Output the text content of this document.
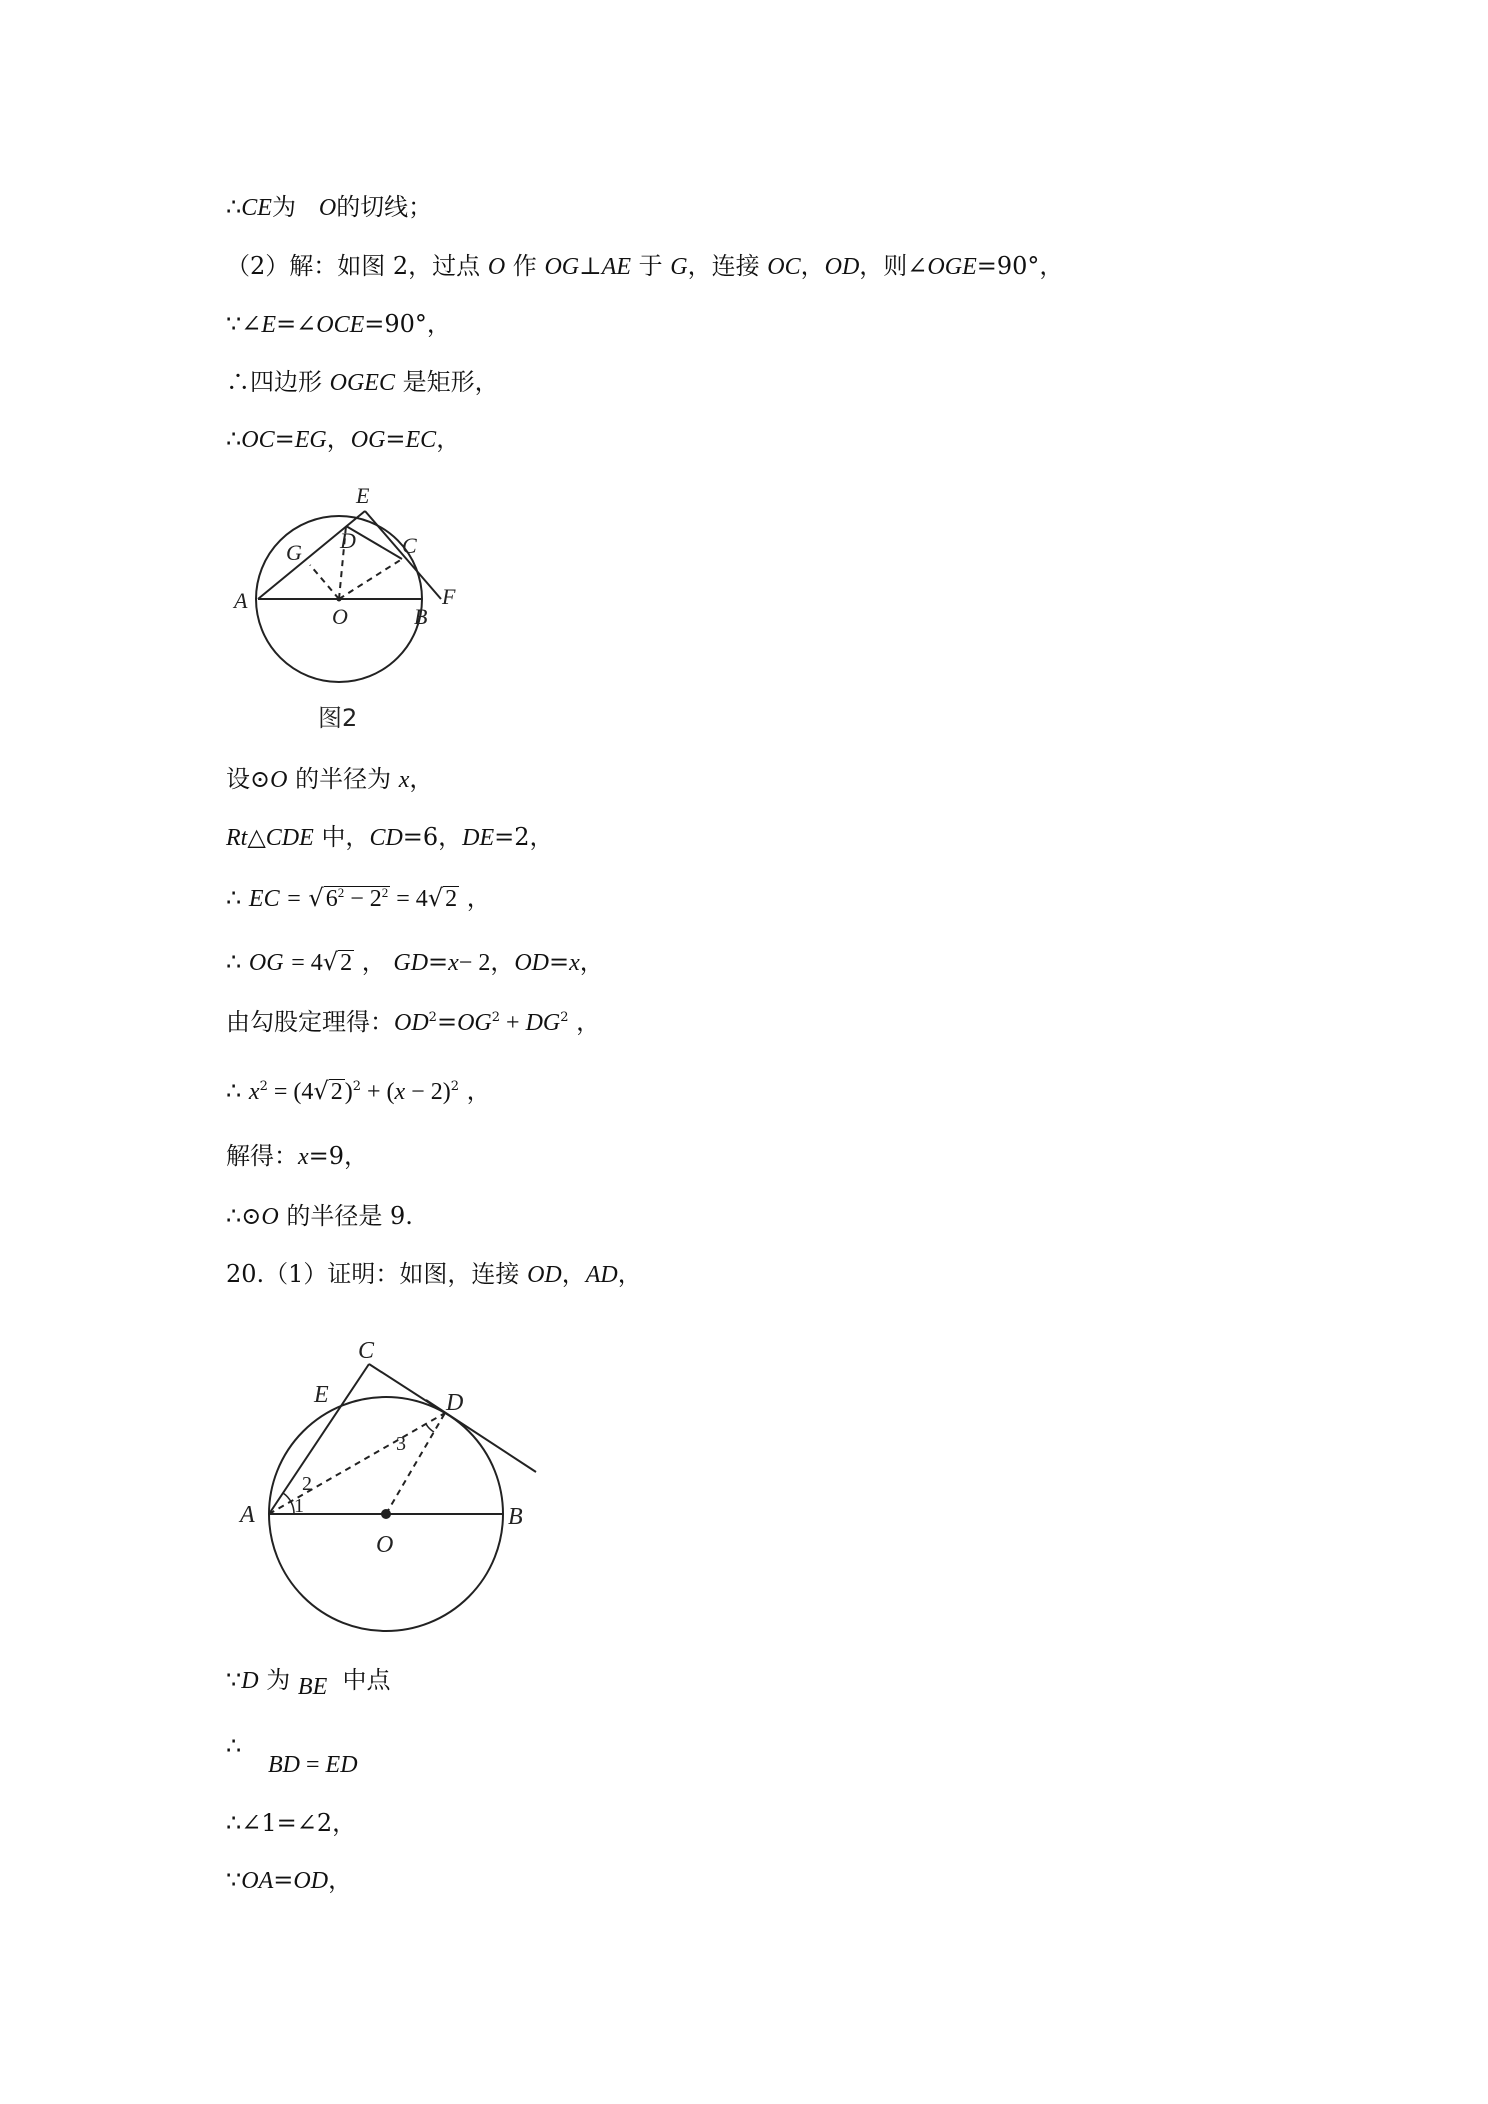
∴CE为 O的切线；
（2）解：如图 2，过点 O 作 OG⊥AE 于 G，连接 OC，OD，则∠OGE=90°，
∵∠E=∠OCE=90°，
∴四边形 OGEC 是矩形，
∴OC=EG，OG=EC，
E
G D C
A
O	B
F
图2
设⊙O 的半径为 x，
Rt△CDE 中，CD=6，DE=2，
∴ EC = $√6^2 - 2^2 = 4√2$ ，
∴ OG = 4√2 ， GD=x− 2，OD=x，
由勾股定理得：$OD^2=OG^2 + DG^2$ ，
∴ $x^2 = (4√2)^2 + (x - 2)^2$ ，
解得：x=9，
∴⊙O 的半径是 9.
20.（1）证明：如图，连接 OD，AD，
C
E	D
A
O
B
1
2
3
∵D 为 BE 中点
∴
BD = ED
∴∠1=∠2，
∵OA=OD，
